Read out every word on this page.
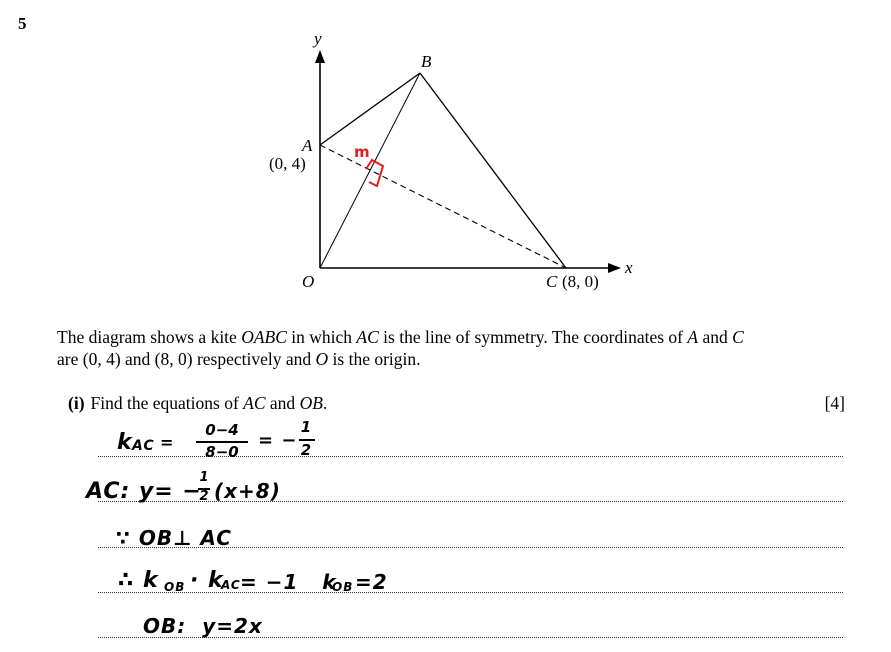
5
m
y
x
B
A
(0, 4)
O	C (8, 0)
The diagram shows a kite OABC in which AC is the line of symmetry. The coordinates of A and C
are (0, 4) and (8, 0) respectively and O is the origin.
(i) Find the equations of AC and OB.	[4]
k AC =
0−4
8−0
= −
1
2
AC: y= −
1
2 (x+8)
∵ OB⊥ AC
∴ k OB · k
AC = −1   k
OB =2
OB:  y=2x
